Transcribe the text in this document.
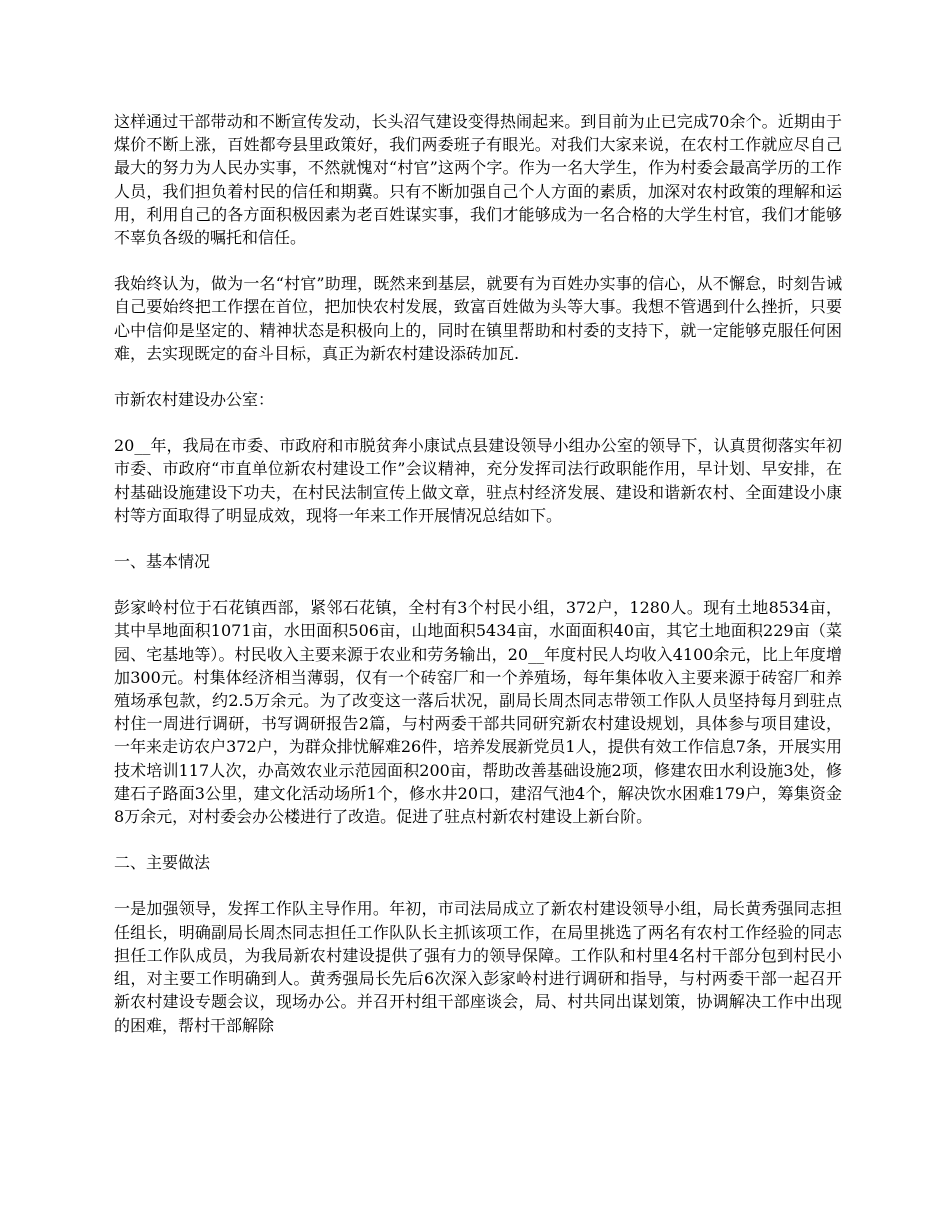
这样通过干部带动和不断宣传发动，长头沼气建设变得热闹起来。到目前为止已完成70余个。近期由于煤价不断上涨，百姓都夸县里政策好，我们两委班子有眼光。对我们大家来说，在农村工作就应尽自己最大的努力为人民办实事，不然就愧对“村官”这两个字。作为一名大学生，作为村委会最高学历的工作人员，我们担负着村民的信任和期冀。只有不断加强自己个人方面的素质，加深对农村政策的理解和运用，利用自己的各方面积极因素为老百姓谋实事，我们才能够成为一名合格的大学生村官，我们才能够不辜负各级的嘱托和信任。

我始终认为，做为一名“村官”助理，既然来到基层，就要有为百姓办实事的信心，从不懈怠，时刻告诫自己要始终把工作摆在首位，把加快农村发展，致富百姓做为头等大事。我想不管遇到什么挫折，只要心中信仰是坚定的、精神状态是积极向上的，同时在镇里帮助和村委的支持下，就一定能够克服任何困难，去实现既定的奋斗目标，真正为新农村建设添砖加瓦.

市新农村建设办公室：

20__年，我局在市委、市政府和市脱贫奔小康试点县建设领导小组办公室的领导下，认真贯彻落实年初市委、市政府“市直单位新农村建设工作”会议精神，充分发挥司法行政职能作用，早计划、早安排，在村基础设施建设下功夫，在村民法制宣传上做文章，驻点村经济发展、建设和谐新农村、全面建设小康村等方面取得了明显成效，现将一年来工作开展情况总结如下。

一、基本情况

彭家岭村位于石花镇西部，紧邻石花镇，全村有3个村民小组，372户，1280人。现有土地8534亩，其中旱地面积1071亩，水田面积506亩，山地面积5434亩，水面面积40亩，其它土地面积229亩（菜园、宅基地等）。村民收入主要来源于农业和劳务输出，20__年度村民人均收入4100余元，比上年度增加300元。村集体经济相当薄弱，仅有一个砖窑厂和一个养殖场，每年集体收入主要来源于砖窑厂和养殖场承包款，约2.5万余元。为了改变这一落后状况，副局长周杰同志带领工作队人员坚持每月到驻点村住一周进行调研，书写调研报告2篇，与村两委干部共同研究新农村建设规划，具体参与项目建设，一年来走访农户372户，为群众排忧解难26件，培养发展新党员1人，提供有效工作信息7条，开展实用技术培训117人次，办高效农业示范园面积200亩，帮助改善基础设施2项，修建农田水利设施3处，修建石子路面3公里，建文化活动场所1个，修水井20口，建沼气池4个，解决饮水困难179户，筹集资金8万余元，对村委会办公楼进行了改造。促进了驻点村新农村建设上新台阶。

二、主要做法

一是加强领导，发挥工作队主导作用。年初，市司法局成立了新农村建设领导小组，局长黄秀强同志担任组长，明确副局长周杰同志担任工作队队长主抓该项工作，在局里挑选了两名有农村工作经验的同志担任工作队成员，为我局新农村建设提供了强有力的领导保障。工作队和村里4名村干部分包到村民小组，对主要工作明确到人。黄秀强局长先后6次深入彭家岭村进行调研和指导，与村两委干部一起召开新农村建设专题会议，现场办公。并召开村组干部座谈会，局、村共同出谋划策，协调解决工作中出现的困难，帮村干部解除
